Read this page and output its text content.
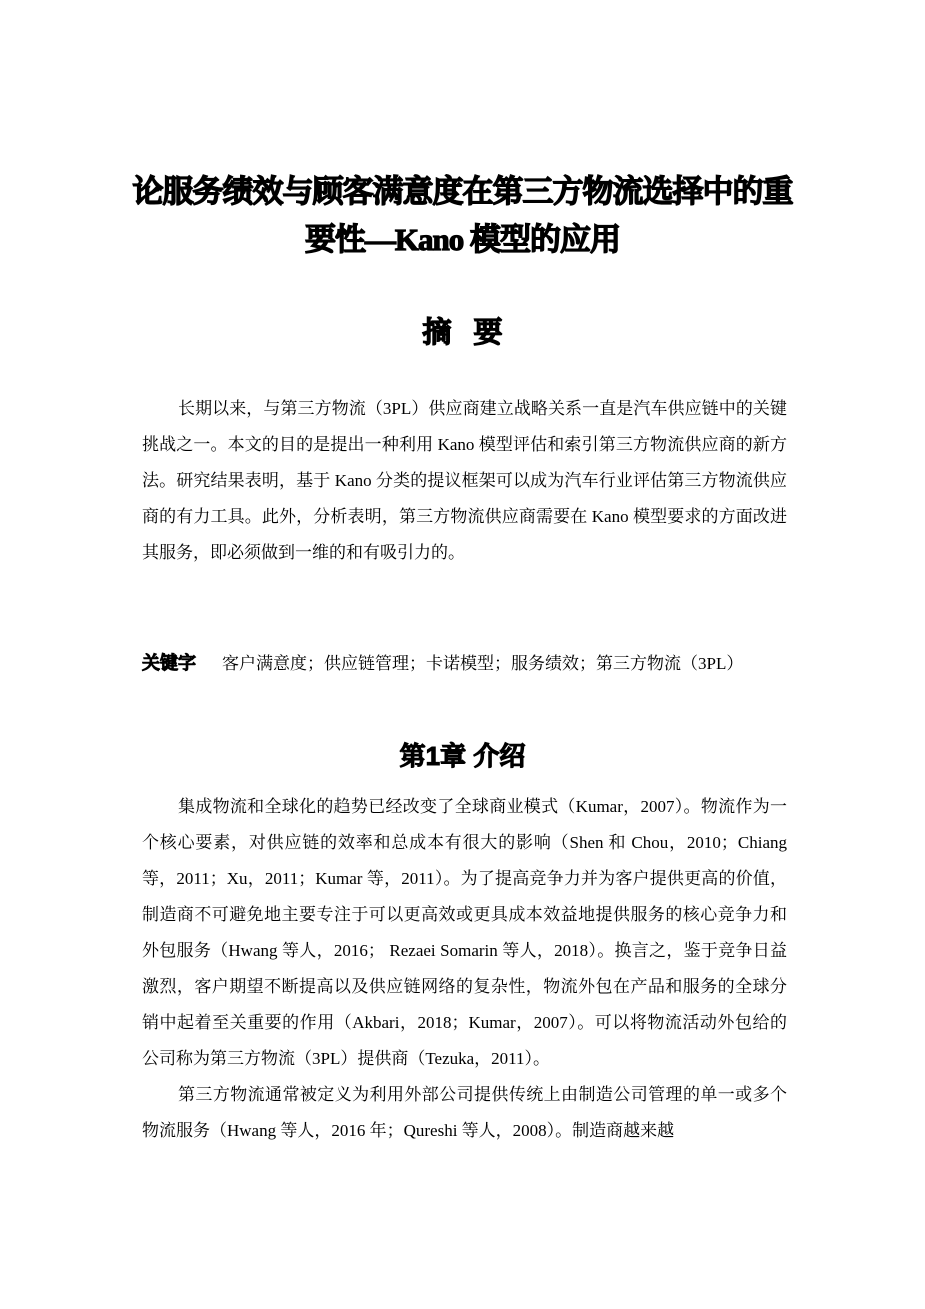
论服务绩效与顾客满意度在第三方物流选择中的重
要性—Kano 模型的应用
摘要

长期以来，与第三方物流（3PL）供应商建立战略关系一直是汽车供应链中的关键挑战之一。本文的目的是提出一种利用 Kano 模型评估和索引第三方物流供应商的新方法。研究结果表明，基于 Kano 分类的提议框架可以成为汽车行业评估第三方物流供应商的有力工具。此外，分析表明，第三方物流供应商需要在 Kano 模型要求的方面改进其服务，即必须做到一维的和有吸引力的。

关键字 客户满意度；供应链管理；卡诺模型；服务绩效；第三方物流（3PL）
第1章 介绍

集成物流和全球化的趋势已经改变了全球商业模式（Kumar，2007）。物流作为一个核心要素，对供应链的效率和总成本有很大的影响（Shen 和 Chou，2010；Chiang 等，2011；Xu，2011；Kumar 等，2011）。为了提高竞争力并为客户提供更高的价值，制造商不可避免地主要专注于可以更高效或更具成本效益地提供服务的核心竞争力和外包服务（Hwang 等人，2016； Rezaei Somarin 等人，2018）。换言之，鉴于竞争日益激烈，客户期望不断提高以及供应链网络的复杂性，物流外包在产品和服务的全球分销中起着至关重要的作用（Akbari，2018；Kumar，2007）。可以将物流活动外包给的公司称为第三方物流（3PL）提供商（Tezuka，2011）。

第三方物流通常被定义为利用外部公司提供传统上由制造公司管理的单一或多个物流服务（Hwang 等人，2016 年；Qureshi 等人，2008）。制造商越来越
